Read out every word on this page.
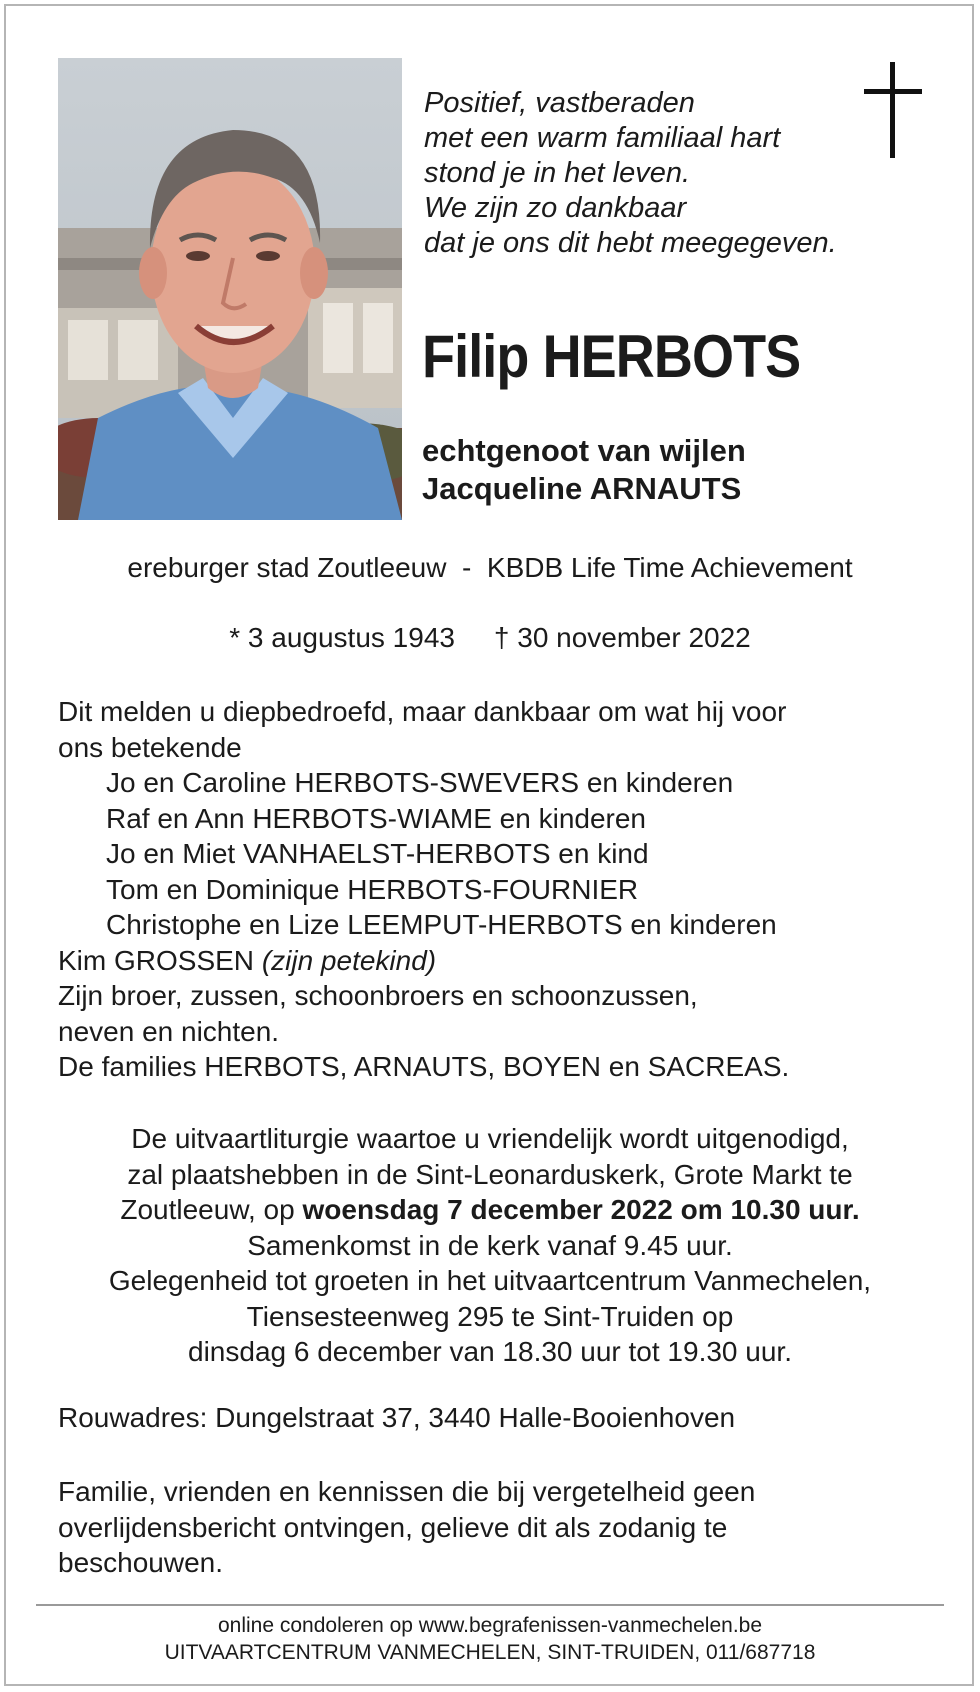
Positief, vastberaden
met een warm familiaal hart
stond je in het leven.
We zijn zo dankbaar
dat je ons dit hebt meegegeven.
Filip HERBOTS
echtgenoot van wijlen
Jacqueline ARNAUTS
ereburger stad Zoutleeuw  -  KBDB Life Time Achievement
* 3 augustus 1943 † 30 november 2022
Dit melden u diepbedroefd, maar dankbaar om wat hij voor
ons betekende
Jo en Caroline HERBOTS-SWEVERS en kinderen
Raf en Ann HERBOTS-WIAME en kinderen
Jo en Miet VANHAELST-HERBOTS en kind
Tom en Dominique HERBOTS-FOURNIER
Christophe en Lize LEEMPUT-HERBOTS en kinderen
Kim GROSSEN (zijn petekind)
Zijn broer, zussen, schoonbroers en schoonzussen,
neven en nichten.
De families HERBOTS, ARNAUTS, BOYEN en SACREAS.
De uitvaartliturgie waartoe u vriendelijk wordt uitgenodigd,
zal plaatshebben in de Sint-Leonarduskerk, Grote Markt te
Zoutleeuw, op woensdag 7 december 2022 om 10.30 uur.
Samenkomst in de kerk vanaf 9.45 uur.
Gelegenheid tot groeten in het uitvaartcentrum Vanmechelen,
Tiensesteenweg 295 te Sint-Truiden op
dinsdag 6 december van 18.30 uur tot 19.30 uur.
Rouwadres: Dungelstraat 37, 3440 Halle-Booienhoven
Familie, vrienden en kennissen die bij vergetelheid geen
overlijdensbericht ontvingen, gelieve dit als zodanig te
beschouwen.
online condoleren op www.begrafenissen-vanmechelen.be
UITVAARTCENTRUM VANMECHELEN, SINT-TRUIDEN, 011/687718
